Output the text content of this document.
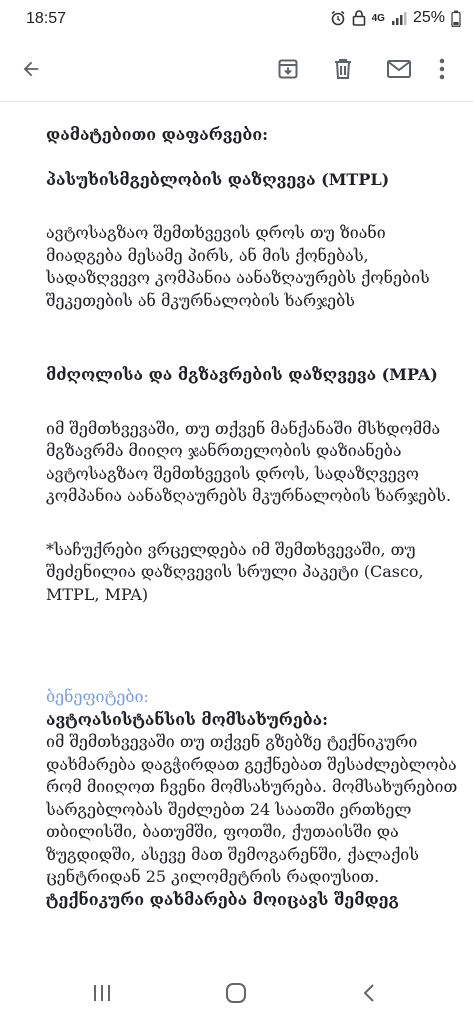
18:57	4G 25%

დამატებითი დაფარვები:

პასუხისმგებლობის დაზღვევა (MTPL)

ავტოსაგზაო შემთხვევის დროს თუ ზიანი მიადგება მესამე პირს, ან მის ქონებას, სადაზღვევო კომპანია აანაზღაურებს ქონების შეკეთების ან მკურნალობის ხარჯებს

მძღოლისა და მგზავრების დაზღვევა (MPA)

იმ შემთხვევაში, თუ თქვენ მანქანაში მსხდომმა მგზავრმა მიიღო ჯანრთელობის დაზიანება ავტოსაგზაო შემთხვევის დროს, სადაზღვევო კომპანია აანაზღაურებს მკურნალობის ხარჯებს.

*საჩუქრები ვრცელდება იმ შემთხვევაში, თუ შეძენილია დაზღვევის სრული პაკეტი (Casco, MTPL, MPA)

ბენეფიტები:

ავტოასისტანსის მომსახურება:

იმ შემთხვევაში თუ თქვენ გზებზე ტექნიკური დახმარება დაგჭირდათ გექნებათ შესაძლებლობა რომ მიიღოთ ჩვენი მომსახურება. მომსახურებით სარგებლობას შეძლებთ 24 საათში ერთხელ თბილისში, ბათუმში, ფოთში, ქუთაისში და ზუგდიდში, ასევე მათ შემოგარენში, ქალაქის ცენტრიდან 25 კილომეტრის რადიუსით.

ტექნიკური დახმარება მოიცავს შემდეგ
